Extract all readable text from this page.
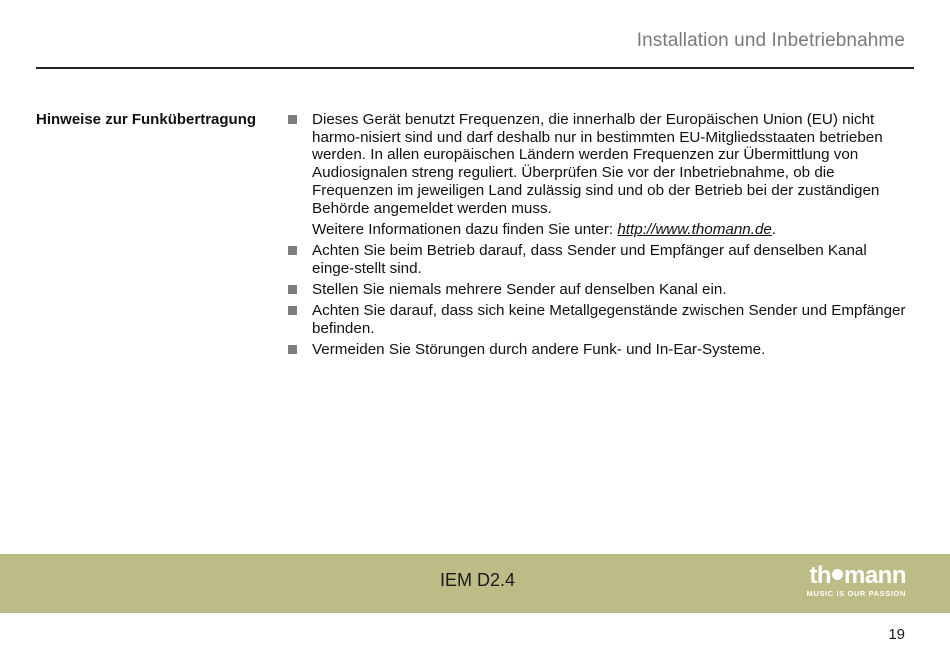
Installation und Inbetriebnahme
Hinweise zur Funkübertragung	Dieses Gerät benutzt Frequenzen, die innerhalb der Europäischen Union (EU) nicht harmo-nisiert sind und darf deshalb nur in bestimmten EU-Mitgliedsstaaten betrieben werden. In allen europäischen Ländern werden Frequenzen zur Übermittlung von Audiosignalen streng reguliert. Überprüfen Sie vor der Inbetriebnahme, ob die Frequenzen im jeweiligen Land zulässig sind und ob der Betrieb bei der zuständigen Behörde angemeldet werden muss.
Weitere Informationen dazu finden Sie unter: http://www.thomann.de.
Achten Sie beim Betrieb darauf, dass Sender und Empfänger auf denselben Kanal einge-stellt sind.
Stellen Sie niemals mehrere Sender auf denselben Kanal ein.
Achten Sie darauf, dass sich keine Metallgegenstände zwischen Sender und Empfänger befinden.
Vermeiden Sie Störungen durch andere Funk- und In-Ear-Systeme.
IEM D2.4	th mann
MUSIC IS OUR PASSION
19
